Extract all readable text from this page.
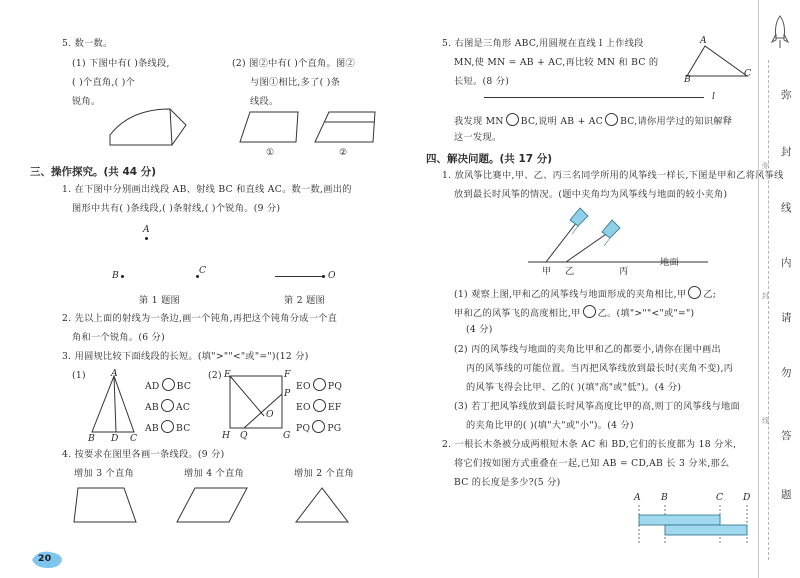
5. 数一数。
(1) 下图中有( )条线段,
( )个直角,( )个
锐角。
(2) 图②中有( )个直角。图②
与图①相比,多了( )条
线段。
①	②
三、操作探究。(共 44 分)
1. 在下图中分别画出线段 AB、射线 BC 和直线 AC。数一数,画出的
图形中共有( )条线段,( )条射线,( )个锐角。(9 分)
A
B	C	O
第 1 题图	第 2 题图
2. 先以上面的射线为一条边,画一个钝角,再把这个钝角分成一个直
角和一个锐角。(6 分)
3. 用圆规比较下面线段的长短。(填">""<"或"=")(12 分)
(1)	A
B D C
AD BC
AB AC
AB BC
(2) E	F
P
O
H Q	G
EO PQ
EO EF
PQ PG
4. 按要求在图里各画一条线段。(9 分)
增加 3 个直角	增加 4 个直角	增加 2 个直角
20
5. 右图是三角形 ABC,用圆规在直线 l 上作线段
MN,使 MN = AB + AC,再比较 MN 和 BC 的
长短。(8 分)
A
B
C
l
我发现 MN BC,说明 AB + AC BC,请你用学过的知识解释
这一发现。
四、解决问题。(共 17 分)
1. 放风筝比赛中,甲、乙、丙三名同学所用的风筝线一样长,下图是甲和乙将风筝线
放到最长时风筝的情况。(题中夹角均为风筝线与地面的较小夹角)
甲 乙	丙
地面
(1) 观察上图,甲和乙的风筝线与地面形成的夹角相比,甲 乙;
甲和乙的风筝飞的高度相比,甲 乙。(填">""<"或"=")
(4 分)
(2) 丙的风筝线与地面的夹角比甲和乙的都要小,请你在图中画出
丙的风筝线的可能位置。当丙把风筝线放到最长时(夹角不变),丙
的风筝飞得会比甲、乙的( )(填"高"或"低")。(4 分)
(3) 若丁把风筝线放到最长时风筝高度比甲的高,则丁的风筝线与地面
的夹角比甲的( )(填"大"或"小")。(4 分)
2. 一根长木条被分成两根短木条 AC 和 BD,它们的长度都为 18 分米,
将它们按如图方式重叠在一起,已知 AB = CD,AB 长 3 分米,那么
BC 的长度是多少?(5 分)
A B	C D
弥
封
线
内
请
勿
答
题
弥
封
线
